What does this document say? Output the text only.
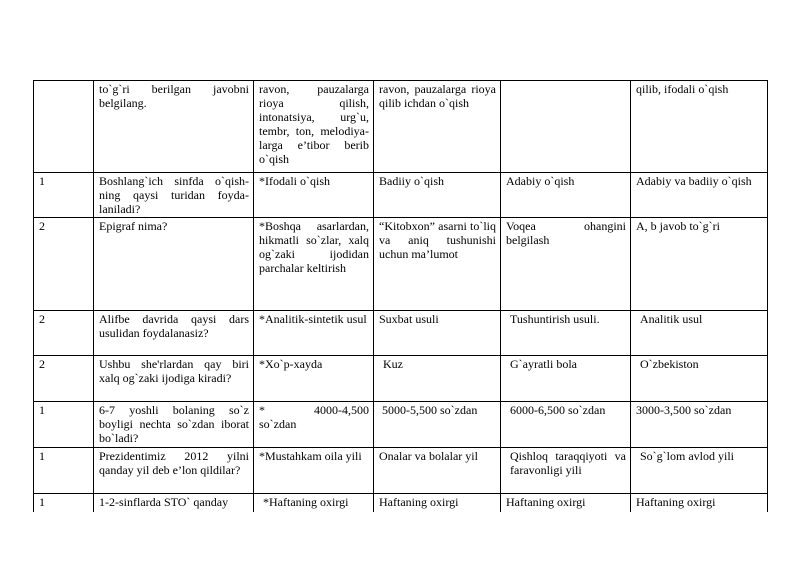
	to`g`ri berilgan javobni belgilang.	ravon, pauzalarga rioya qilish, intonatsiya, urg`u, tembr, ton, melodiya-larga e’tibor berib o`qish	ravon, pauzalarga rioya qilib ichdan o`qish		qilib, ifodali o`qish
1	Boshlang`ich sinfda o`qish-ning qaysi turidan foyda-laniladi?	*Ifodali o`qish	Badiiy o`qish	Adabiy o`qish	Adabiy va badiiy o`qish
2	Epigraf nima?	*Boshqa asarlardan, hikmatli so`zlar, xalq og`zaki ijodidan parchalar keltirish	“Kitobxon” asarni to`liq va aniq tushunishi uchun ma’lumot	Voqea ohangini belgilash	A, b javob to`g`ri
2	Alifbe davrida qaysi dars usulidan foydalanasiz?	*Analitik-sintetik usul	Suxbat usuli	Tushuntirish usuli.	Analitik usul
2	Ushbu she'rlardan qay biri xalq og`zaki ijodiga kiradi?	*Xo`p-xayda	Kuz	G`ayratli bola	O`zbekiston
1	6-7 yoshli bolaning so`z boyligi nechta so`zdan iborat bo`ladi?	* 4000-4,500 so`zdan	5000-5,500 so`zdan	6000-6,500 so`zdan	3000-3,500 so`zdan
1	Prezidentimiz 2012 yilni qanday yil deb e’lon qildilar?	*Mustahkam oila yili	Onalar va bolalar yil	Qishloq taraqqiyoti va faravonligi yili	So`g`lom avlod yili
1	1-2-sinflarda STO` qanday	*Haftaning oxirgi	Haftaning oxirgi	Haftaning oxirgi	Haftaning oxirgi
